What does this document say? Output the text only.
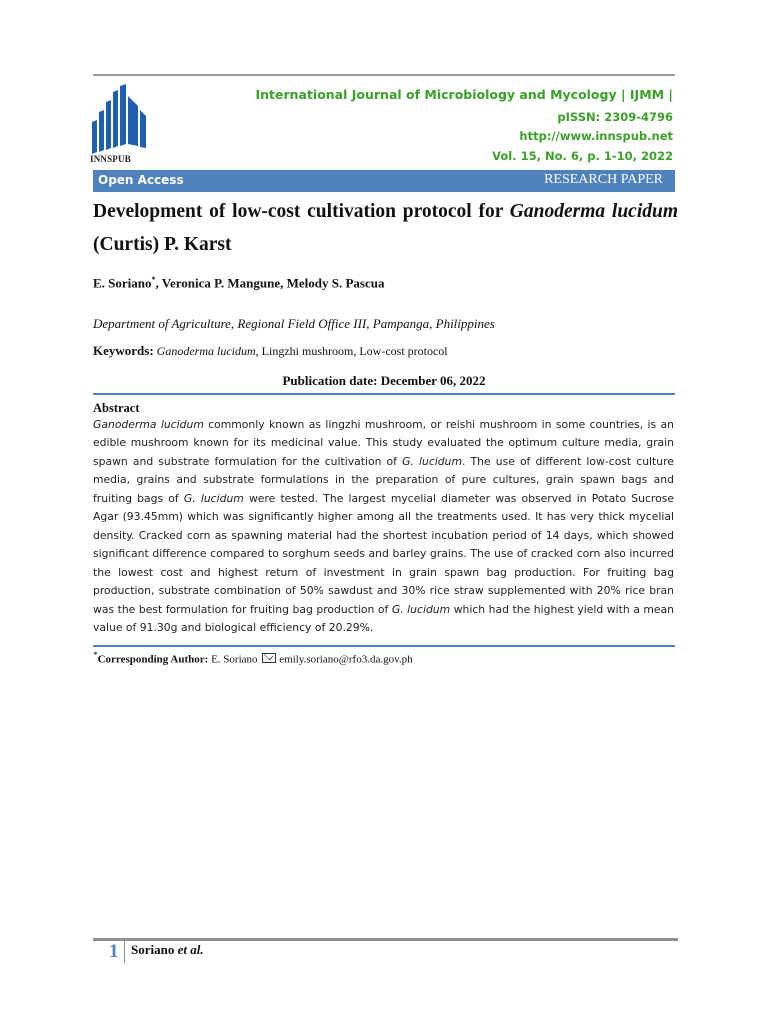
INNSPUB
International Journal of Microbiology and Mycology | IJMM |
pISSN: 2309-4796
http://www.innspub.net
Vol. 15, No. 6, p. 1-10, 2022
Open Access	RESEARCH PAPER
Development of low-cost cultivation protocol for Ganoderma lucidum (Curtis) P. Karst
E. Soriano*, Veronica P. Mangune, Melody S. Pascua
Department of Agriculture, Regional Field Office III, Pampanga, Philippines
Keywords: Ganoderma lucidum, Lingzhi mushroom, Low-cost protocol
Publication date: December 06, 2022
Abstract
Ganoderma lucidum commonly known as lingzhi mushroom, or reishi mushroom in some countries, is an edible mushroom known for its medicinal value. This study evaluated the optimum culture media, grain spawn and substrate formulation for the cultivation of G. lucidum. The use of different low-cost culture media, grains and substrate formulations in the preparation of pure cultures, grain spawn bags and fruiting bags of G. lucidum were tested. The largest mycelial diameter was observed in Potato Sucrose Agar (93.45mm) which was significantly higher among all the treatments used. It has very thick mycelial density. Cracked corn as spawning material had the shortest incubation period of 14 days, which showed significant difference compared to sorghum seeds and barley grains. The use of cracked corn also incurred the lowest cost and highest return of investment in grain spawn bag production. For fruiting bag production, substrate combination of 50% sawdust and 30% rice straw supplemented with 20% rice bran was the best formulation for fruiting bag production of G. lucidum which had the highest yield with a mean value of 91.30g and biological efficiency of 20.29%.
*Corresponding Author: E. Soriano emily.soriano@rfo3.da.gov.ph
1 Soriano et al.
